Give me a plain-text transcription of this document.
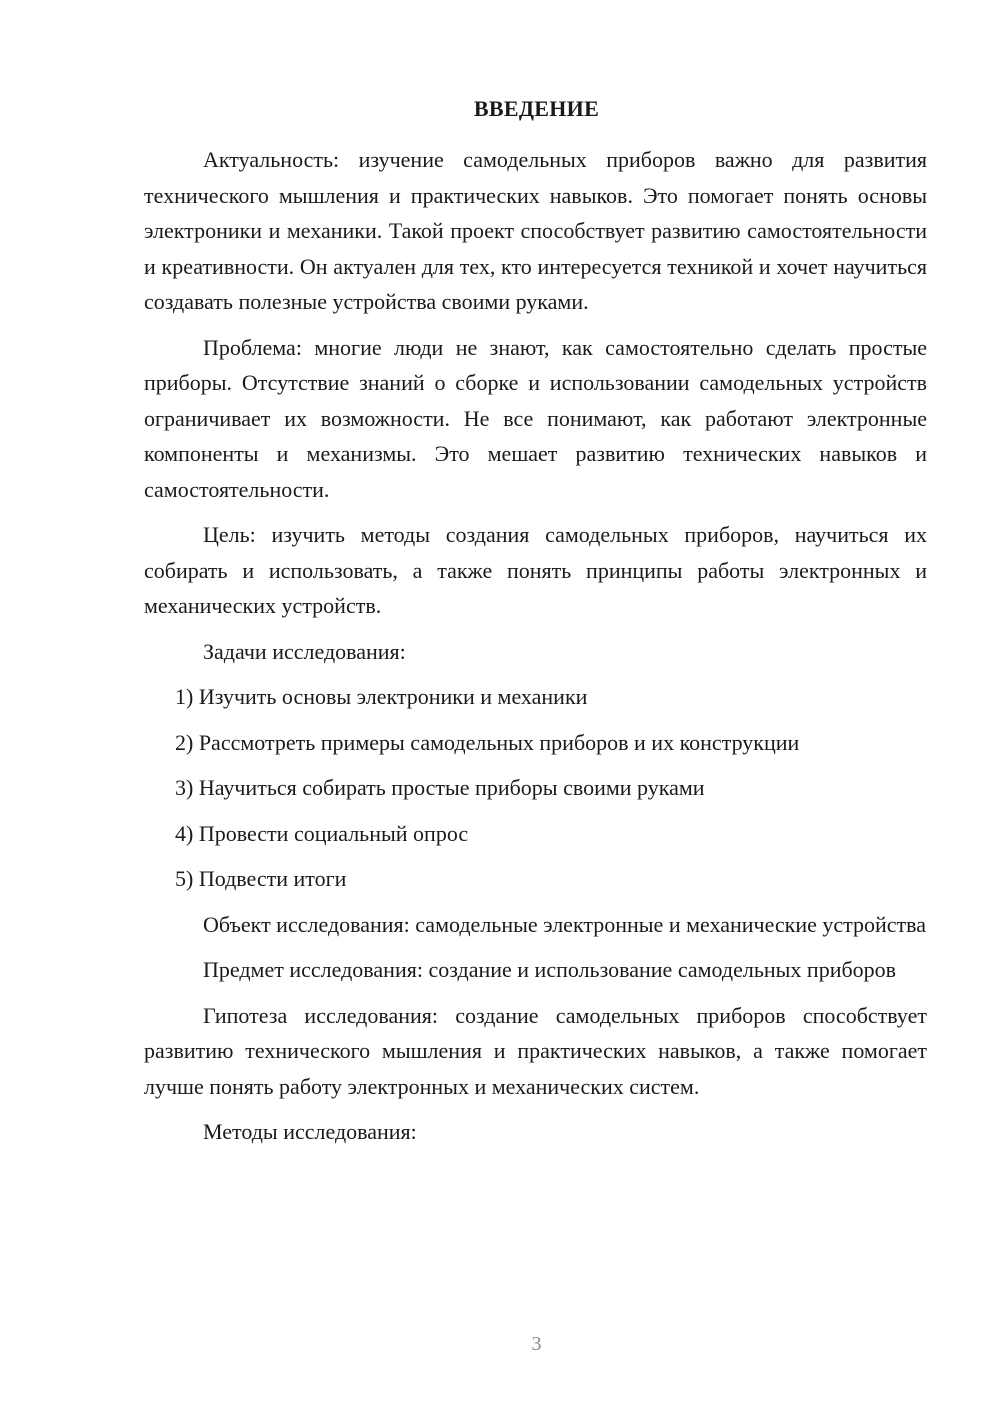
ВВЕДЕНИЕ

Актуальность: изучение самодельных приборов важно для развития технического мышления и практических навыков. Это помогает понять основы электроники и механики. Такой проект способствует развитию самостоятельности и креативности. Он актуален для тех, кто интересуется техникой и хочет научиться создавать полезные устройства своими руками.

Проблема: многие люди не знают, как самостоятельно сделать простые приборы. Отсутствие знаний о сборке и использовании самодельных устройств ограничивает их возможности. Не все понимают, как работают электронные компоненты и механизмы. Это мешает развитию технических навыков и самостоятельности.

Цель: изучить методы создания самодельных приборов, научиться их собирать и использовать, а также понять принципы работы электронных и механических устройств.

Задачи исследования:

1) Изучить основы электроники и механики
2) Рассмотреть примеры самодельных приборов и их конструкции
3) Научиться собирать простые приборы своими руками
4) Провести социальный опрос
5) Подвести итоги

Объект исследования: самодельные электронные и механические устройства

Предмет исследования: создание и использование самодельных приборов

Гипотеза исследования: создание самодельных приборов способствует развитию технического мышления и практических навыков, а также помогает лучше понять работу электронных и механических систем.

Методы исследования:

3
